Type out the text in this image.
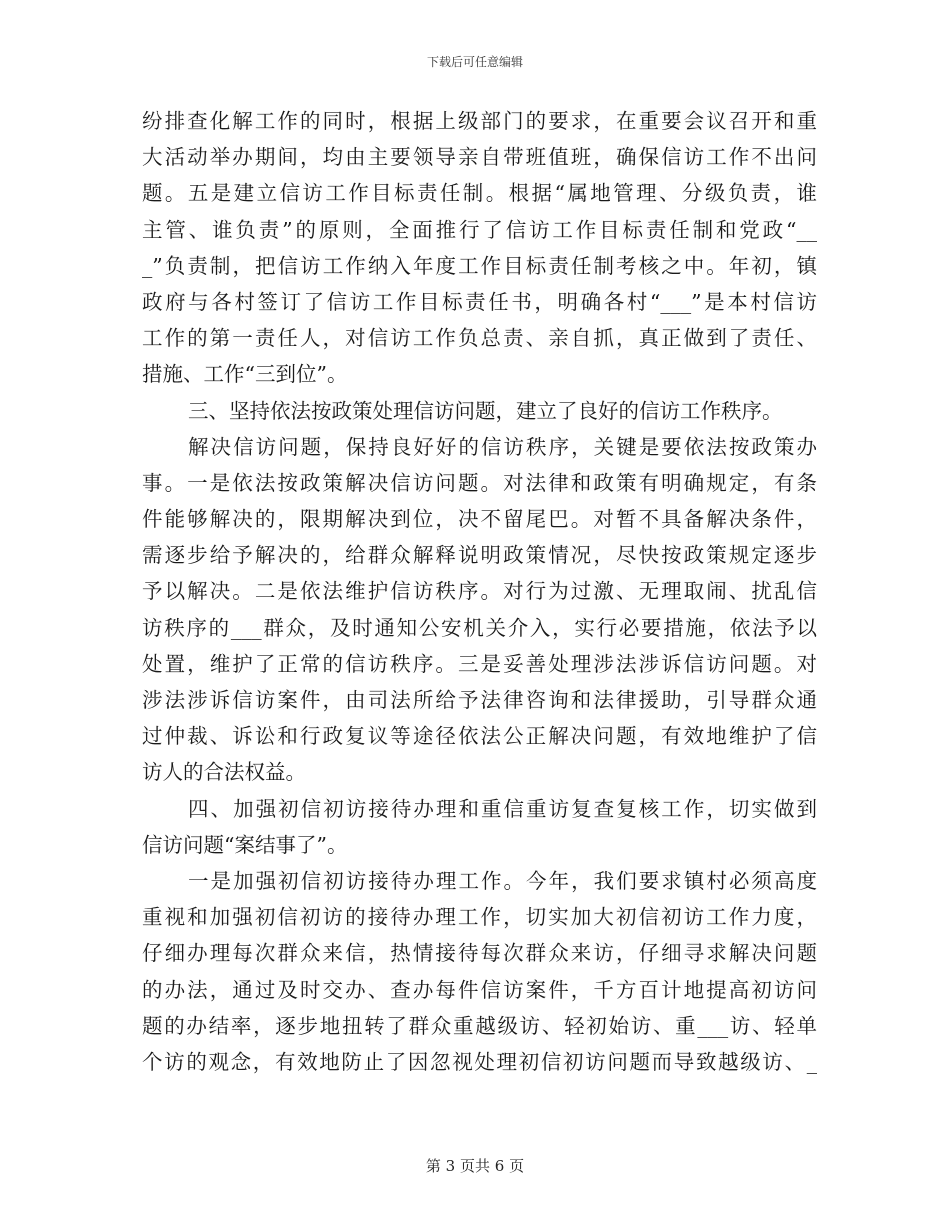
下载后可任意编辑
纷排查化解工作的同时，根据上级部门的要求，在重要会议召开和重
大活动举办期间，均由主要领导亲自带班值班，确保信访工作不出问
题。五是建立信访工作目标责任制。根据“属地管理、分级负责，谁
主管、谁负责”的原则，全面推行了信访工作目标责任制和党政“__
_”负责制，把信访工作纳入年度工作目标责任制考核之中。年初，镇
政府与各村签订了信访工作目标责任书，明确各村“___”是本村信访
工作的第一责任人，对信访工作负总责、亲自抓，真正做到了责任、
措施、工作“三到位”。
三、坚持依法按政策处理信访问题，建立了良好的信访工作秩序。
解决信访问题，保持良好好的信访秩序，关键是要依法按政策办
事。一是依法按政策解决信访问题。对法律和政策有明确规定，有条
件能够解决的，限期解决到位，决不留尾巴。对暂不具备解决条件，
需逐步给予解决的，给群众解释说明政策情况，尽快按政策规定逐步
予以解决。二是依法维护信访秩序。对行为过激、无理取闹、扰乱信
访秩序的___群众，及时通知公安机关介入，实行必要措施，依法予以
处置，维护了正常的信访秩序。三是妥善处理涉法涉诉信访问题。对
涉法涉诉信访案件，由司法所给予法律咨询和法律援助，引导群众通
过仲裁、诉讼和行政复议等途径依法公正解决问题，有效地维护了信
访人的合法权益。
四、加强初信初访接待办理和重信重访复查复核工作，切实做到
信访问题“案结事了”。
一是加强初信初访接待办理工作。今年，我们要求镇村必须高度
重视和加强初信初访的接待办理工作，切实加大初信初访工作力度，
仔细办理每次群众来信，热情接待每次群众来访，仔细寻求解决问题
的办法，通过及时交办、查办每件信访案件，千方百计地提高初访问
题的办结率，逐步地扭转了群众重越级访、轻初始访、重___访、轻单
个访的观念，有效地防止了因忽视处理初信初访问题而导致越级访、_
第 3 页共 6 页
